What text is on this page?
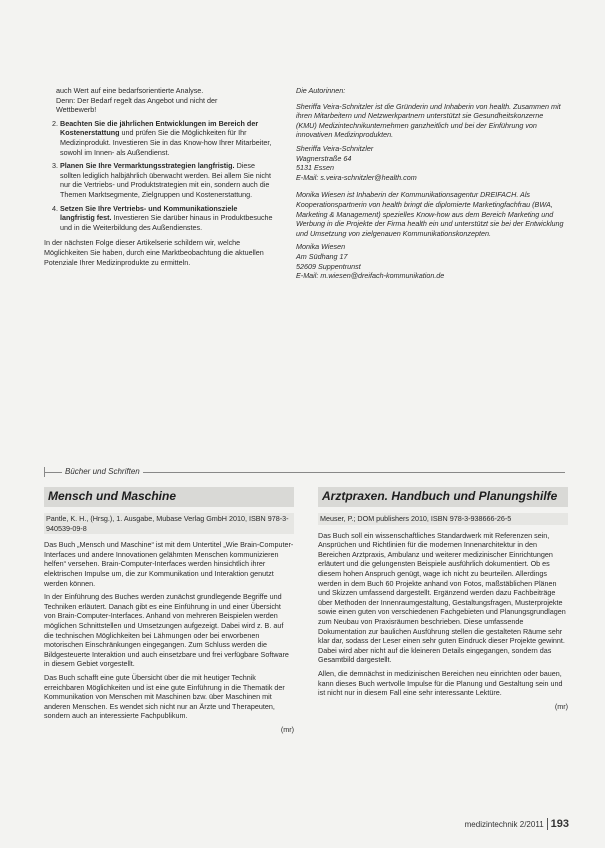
auch Wert auf eine bedarfsorientierte Analyse.
Denn: Der Bedarf regelt das Angebot und nicht der
Wettbewerb!

2. Beachten Sie die jährlichen Entwicklungen im Bereich der Kostenerstattung und prüfen Sie die Möglichkeiten für Ihr Medizinprodukt. Investieren Sie in das Know-how Ihrer Mitarbeiter, sowohl im Innen- als Außendienst.
3. Planen Sie Ihre Vermarktungsstrategien langfristig. Diese sollten lediglich halbjährlich überwacht werden. Bei allem Sie nicht nur die Vertriebs- und Produktstrategien mit ein, sondern auch die Themen Marktsegmente, Zielgruppen und Kostenerstattung.
4. Setzen Sie Ihre Vertriebs- und Kommunikationsziele langfristig fest. Investieren Sie darüber hinaus in Produktbesuche und in die Weiterbildung des Außendienstes.

In der nächsten Folge dieser Artikelserie schildern wir, welche Möglichkeiten Sie haben, durch eine Marktbeobachtung die aktuellen Potenziale Ihrer Medizinprodukte zu ermitteln.

Die Autorinnen:

Sheriffa Veira-Schnitzler ist die Gründerin und Inhaberin von health. Zusammen mit ihren Mitarbeitern und Netzwerkpartnern unterstützt sie Gesundheitskonzerne (KMU) Medizintechnikunternehmen ganzheitlich und bei der Einführung von innovativen Medizinprodukten.

Sheriffa Veira-Schnitzler
Wagnerstraße 64
5131 Essen
E-Mail: s.veira-schnitzler@health.com

Monika Wiesen ist Inhaberin der Kommunikationsagentur DREIFACH. Als Kooperationspartnerin von health bringt die diplomierte Marketingfachfrau (BWA, Marketing & Management) spezielles Know-how aus dem Bereich Marketing und Werbung in die Projekte der Firma health ein und unterstützt sie bei der Entwicklung und Umsetzung von zielgenauen Kommunikationskonzepten.

Monika Wiesen
Am Südhang 17
52609 Suppentrunst
E-Mail: m.wiesen@dreifach-kommunikation.de
Bücher und Schriften
Mensch und Maschine

Pantle, K. H., (Hrsg.), 1. Ausgabe, Mubase Verlag GmbH 2010, ISBN 978-3-940539-09-8

Das Buch „Mensch und Maschine“ ist mit dem Untertitel „Wie Brain-Computer-Interfaces und andere Innovationen gelähmten Menschen kommunizieren helfen“ versehen. Brain-Computer-Interfaces werden hinsichtlich ihrer elektrischen Impulse um, die zur Kommunikation und Interaktion genutzt werden können.

In der Einführung des Buches werden zunächst grundlegende Begriffe und Techniken erläutert. Danach gibt es eine Einführung in und einer Übersicht von Brain-Computer-Interfaces. Anhand von mehreren Beispielen werden möglichen Schnittstellen und Umsetzungen aufgezeigt. Dabei wird z. B. auf die technischen Möglichkeiten bei Lähmungen oder bei erworbenen motorischen Einschränkungen eingegangen. Zum Schluss werden die Bildgesteuerte Interaktion und auch einsetzbare und frei verfügbare Software in diesem Gebiet vorgestellt.

Das Buch schafft eine gute Übersicht über die mit heutiger Technik erreichbaren Möglichkeiten und ist eine gute Einführung in die Thematik der Kommunikation von Menschen mit Maschinen bzw. über Maschinen mit anderen Menschen. Es wendet sich nicht nur an Ärzte und Therapeuten, sondern auch an interessierte Fachpublikum.

(mr)
Arztpraxen. Handbuch und Planungshilfe

Meuser, P.; DOM publishers 2010, ISBN 978-3-938666-26-5

Das Buch soll ein wissenschaftliches Standardwerk mit Referenzen sein, Ansprüchen und Richtlinien für die modernen Innenarchitektur in den Bereichen Arztpraxis, Ambulanz und weiterer medizinischer Einrichtungen erläutert und die gelungensten Beispiele ausführlich dokumentiert. Ob es diesem hohen Anspruch genügt, wage ich nicht zu beurteilen. Allerdings werden in dem Buch 60 Projekte anhand von Fotos, maßstäblichen Plänen und Skizzen umfassend dargestellt. Ergänzend werden dazu Fachbeiträge über Methoden der Innenraumgestaltung, Gestaltungsfragen, Musterprojekte sowie einen guten von verschiedenen Fachgebieten und Planungsgrundlagen zum Neubau von Praxisräumen beschrieben. Diese umfassende Dokumentation zur baulichen Ausführung stellen die gestalteten Räume sehr klar dar, sodass der Leser einen sehr guten Eindruck dieser Projekte gewinnt. Dabei wird aber nicht auf die kleineren Details eingegangen, sondern das Gesamtbild dargestellt.

Allen, die demnächst in medizinischen Bereichen neu einrichten oder bauen, kann dieses Buch wertvolle Impulse für die Planung und Gestaltung sein und ist nicht nur in diesem Fall eine sehr interessante Lektüre.

(mr)
medizintechnik 2/2011 193
